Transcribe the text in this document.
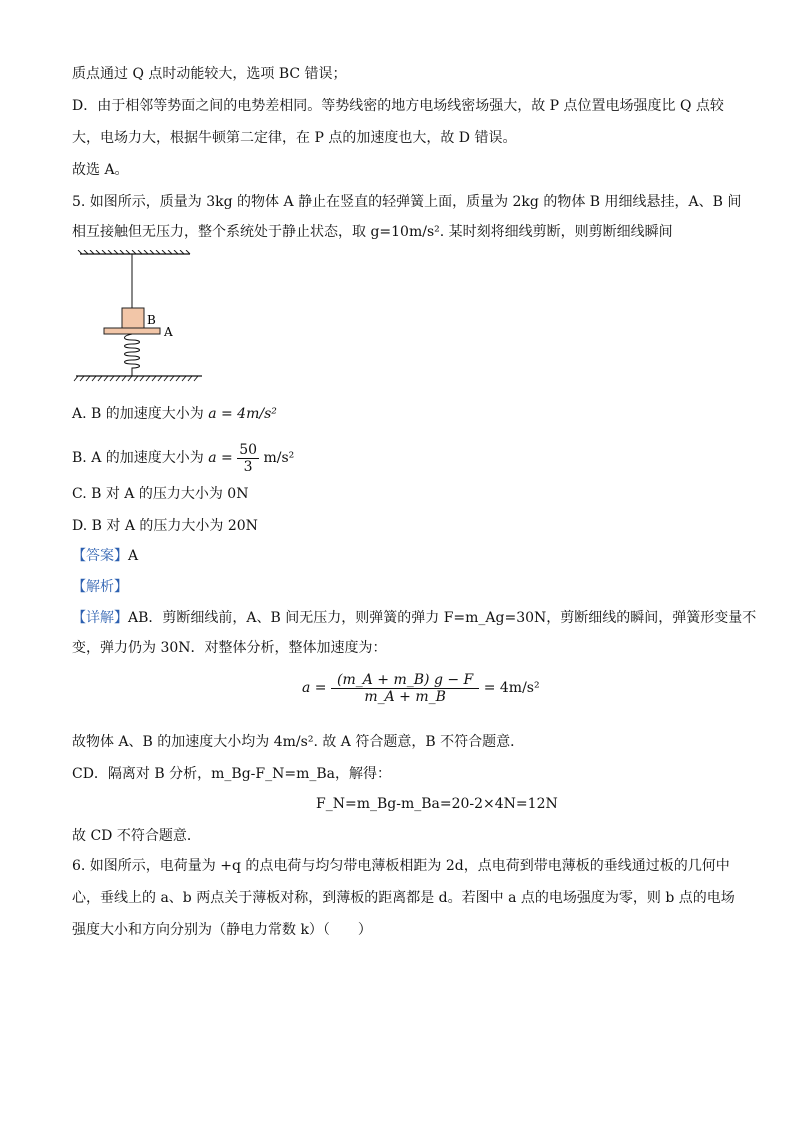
质点通过 Q 点时动能较大，选项 BC 错误；
D．由于相邻等势面之间的电势差相同。等势线密的地方电场线密场强大，故 P 点位置电场强度比 Q 点较
大，电场力大，根据牛顿第二定律，在 P 点的加速度也大，故 D 错误。
故选 A。
5. 如图所示，质量为 3kg 的物体 A 静止在竖直的轻弹簧上面，质量为 2kg 的物体 B 用细线悬挂，A、B 间
相互接触但无压力，整个系统处于静止状态，取 g=10m/s². 某时刻将细线剪断，则剪断细线瞬间
B
A
A. B 的加速度大小为 a = 4m/s²
B. A 的加速度大小为 $a = \frac{50}{3} m/s^2$
C. B 对 A 的压力大小为 0N
D. B 对 A 的压力大小为 20N
【答案】A
【解析】
【详解】AB．剪断细线前，A、B 间无压力，则弹簧的弹力 F=m_Ag=30N，剪断细线的瞬间，弹簧形变量不
变，弹力仍为 30N．对整体分析，整体加速度为：
$a = \frac{(m\_A + m\_B) g - F}{m\_A + m\_B} = 4m/s^2$
故物体 A、B 的加速度大小均为 4m/s². 故 A 符合题意，B 不符合题意．
CD．隔离对 B 分析，m_Bg-F_N=m_Ba，解得：
F_N=m_Bg-m_Ba=20-2×4N=12N
故 CD 不符合题意．
6. 如图所示，电荷量为 +q 的点电荷与均匀带电薄板相距为 2d，点电荷到带电薄板的垂线通过板的几何中
心，垂线上的 a、b 两点关于薄板对称，到薄板的距离都是 d。若图中 a 点的电场强度为零，则 b 点的电场
强度大小和方向分别为（静电力常数 k）（　　）
